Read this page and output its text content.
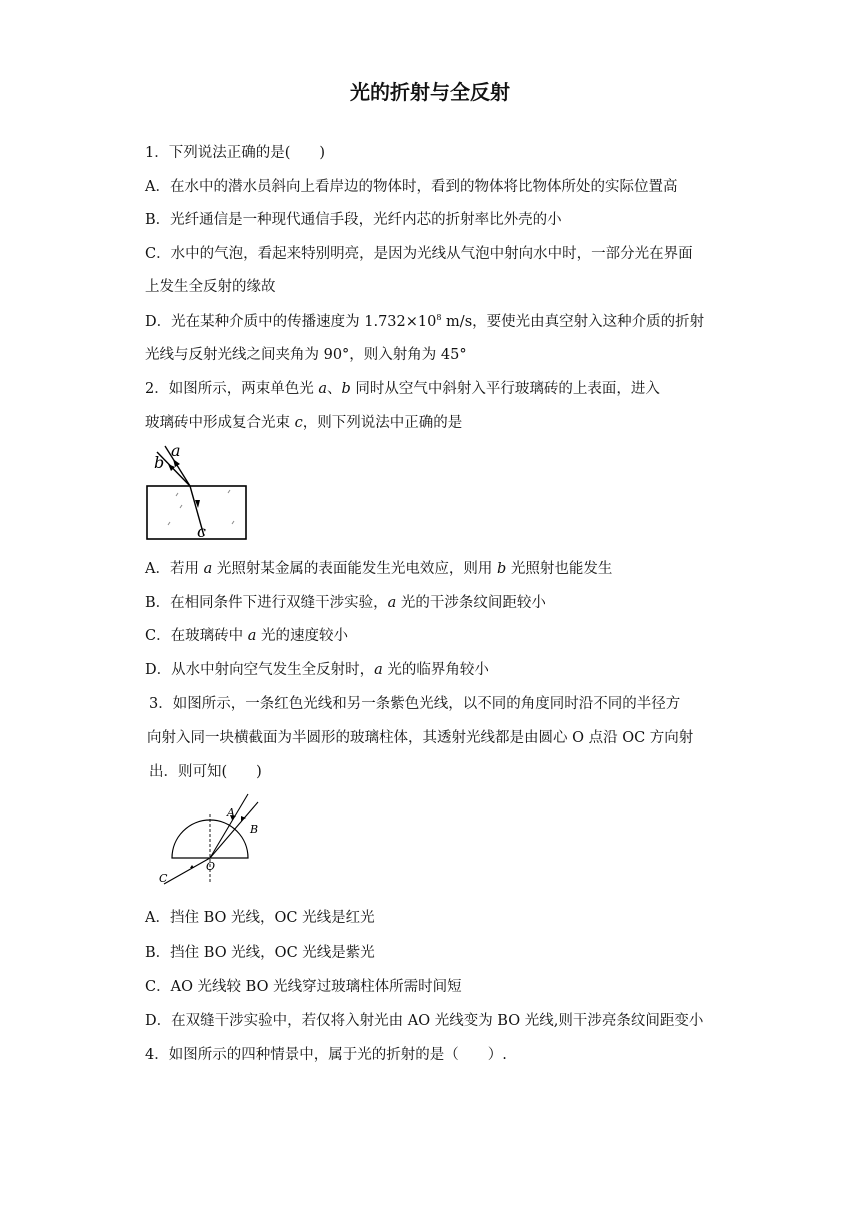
光的折射与全反射
1．下列说法正确的是(　　)
A．在水中的潜水员斜向上看岸边的物体时，看到的物体将比物体所处的实际位置高
B．光纤通信是一种现代通信手段，光纤内芯的折射率比外壳的小
C．水中的气泡，看起来特别明亮，是因为光线从气泡中射向水中时，一部分光在界面
上发生全反射的缘故
D．光在某种介质中的传播速度为 $1.732\times 10^8$ m/s，要使光由真空射入这种介质的折射
光线与反射光线之间夹角为 90°，则入射角为 45°
2．如图所示，两束单色光 a、b 同时从空气中斜射入平行玻璃砖的上表面，进入
玻璃砖中形成复合光束 c，则下列说法中正确的是
b
a
c
A．若用 a 光照射某金属的表面能发生光电效应，则用 b 光照射也能发生
B．在相同条件下进行双缝干涉实验，a 光的干涉条纹间距较小
C．在玻璃砖中 a 光的速度较小
D．从水中射向空气发生全反射时，a 光的临界角较小
3．如图所示，一条红色光线和另一条紫色光线，以不同的角度同时沿不同的半径方
向射入同一块横截面为半圆形的玻璃柱体，其透射光线都是由圆心 O 点沿 OC 方向射
出．则可知(　　)
A
B
O
C
A．挡住 BO 光线，OC 光线是红光
B．挡住 BO 光线，OC 光线是紫光
C．AO 光线较 BO 光线穿过玻璃柱体所需时间短
D．在双缝干涉实验中，若仅将入射光由 AO 光线变为 BO 光线,则干涉亮条纹间距变小
4．如图所示的四种情景中，属于光的折射的是（　　）.
